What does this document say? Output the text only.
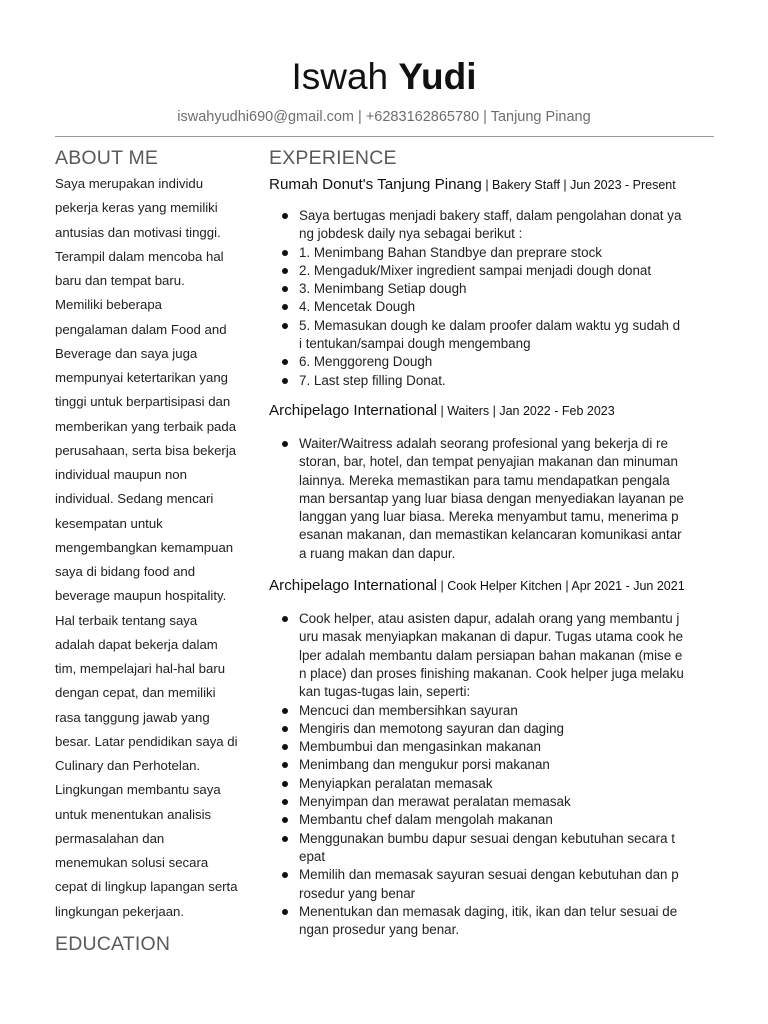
Iswah Yudi
iswahyudhi690@gmail.com | +6283162865780 | Tanjung Pinang
ABOUT ME

Saya merupakan individu
pekerja keras yang memiliki
antusias dan motivasi tinggi.
Terampil dalam mencoba hal
baru dan tempat baru.
Memiliki beberapa
pengalaman dalam Food and
Beverage dan saya juga
mempunyai ketertarikan yang
tinggi untuk berpartisipasi dan
memberikan yang terbaik pada
perusahaan, serta bisa bekerja
individual maupun non
individual. Sedang mencari
kesempatan untuk
mengembangkan kemampuan
saya di bidang food and
beverage maupun hospitality.
Hal terbaik tentang saya
adalah dapat bekerja dalam
tim, mempelajari hal-hal baru
dengan cepat, dan memiliki
rasa tanggung jawab yang
besar. Latar pendidikan saya di
Culinary dan Perhotelan.
Lingkungan membantu saya
untuk menentukan analisis
permasalahan dan
menemukan solusi secara
cepat di lingkup lapangan serta
lingkungan pekerjaan.

EDUCATION
EXPERIENCE
Rumah Donut's Tanjung Pinang | Bakery Staff | Jun 2023 - Present
Saya bertugas menjadi bakery staff, dalam pengolahan donat ya
ng jobdesk daily nya sebagai berikut :
1. Menimbang Bahan Standbye dan preprare stock
2. Mengaduk/Mixer ingredient sampai menjadi dough donat
3. Menimbang Setiap dough
4. Mencetak Dough
5. Memasukan dough ke dalam proofer dalam waktu yg sudah d
i tentukan/sampai dough mengembang
6. Menggoreng Dough
7. Last step filling Donat.
Archipelago International | Waiters | Jan 2022 - Feb 2023
Waiter/Waitress adalah seorang profesional yang bekerja di re
storan, bar, hotel, dan tempat penyajian makanan dan minuman
lainnya. Mereka memastikan para tamu mendapatkan pengala
man bersantap yang luar biasa dengan menyediakan layanan pe
langgan yang luar biasa. Mereka menyambut tamu, menerima p
esanan makanan, dan memastikan kelancaran komunikasi antar
a ruang makan dan dapur.
Archipelago International | Cook Helper Kitchen | Apr 2021 - Jun 2021
Cook helper, atau asisten dapur, adalah orang yang membantu j
uru masak menyiapkan makanan di dapur. Tugas utama cook he
lper adalah membantu dalam persiapan bahan makanan (mise e
n place) dan proses finishing makanan. Cook helper juga melaku
kan tugas-tugas lain, seperti:
Mencuci dan membersihkan sayuran
Mengiris dan memotong sayuran dan daging
Membumbui dan mengasinkan makanan
Menimbang dan mengukur porsi makanan
Menyiapkan peralatan memasak
Menyimpan dan merawat peralatan memasak
Membantu chef dalam mengolah makanan
Menggunakan bumbu dapur sesuai dengan kebutuhan secara t
epat
Memilih dan memasak sayuran sesuai dengan kebutuhan dan p
rosedur yang benar
Menentukan dan memasak daging, itik, ikan dan telur sesuai de
ngan prosedur yang benar.
